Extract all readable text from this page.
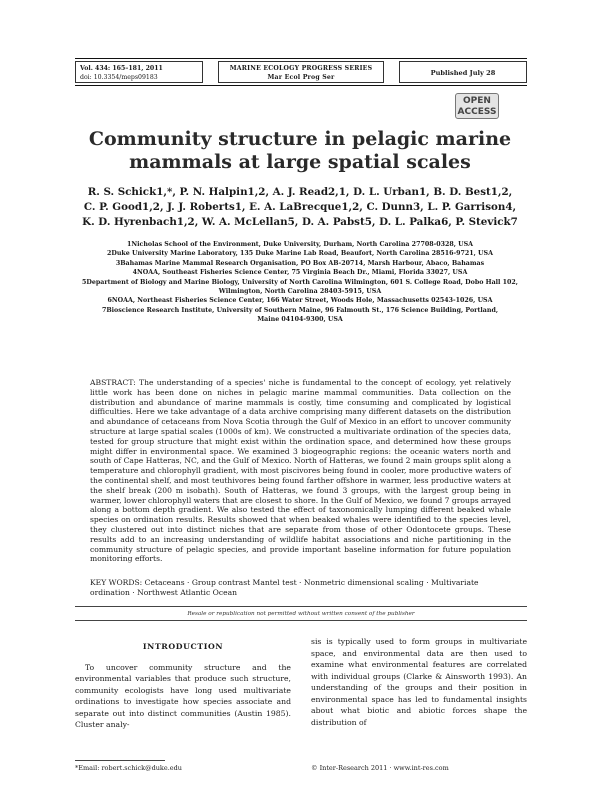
Vol. 434: 165–181, 2011
doi: 10.3354/meps09183
MARINE ECOLOGY PROGRESS SERIES
Mar Ecol Prog Ser
Published July 28
OPEN
ACCESS
Community structure in pelagic marine mammals at large spatial scales
R. S. Schick1,*, P. N. Halpin1,2, A. J. Read2,1, D. L. Urban1, B. D. Best1,2,
C. P. Good1,2, J. J. Roberts1, E. A. LaBrecque1,2, C. Dunn3, L. P. Garrison4,
K. D. Hyrenbach1,2, W. A. McLellan5, D. A. Pabst5, D. L. Palka6, P. Stevick7
1Nicholas School of the Environment, Duke University, Durham, North Carolina 27708-0328, USA
2Duke University Marine Laboratory, 135 Duke Marine Lab Road, Beaufort, North Carolina 28516-9721, USA
3Bahamas Marine Mammal Research Organisation, PO Box AB-20714, Marsh Harbour, Abaco, Bahamas
4NOAA, Southeast Fisheries Science Center, 75 Virginia Beach Dr., Miami, Florida 33027, USA
5Department of Biology and Marine Biology, University of North Carolina Wilmington, 601 S. College Road, Dobo Hall 102,
Wilmington, North Carolina 28403-5915, USA
6NOAA, Northeast Fisheries Science Center, 166 Water Street, Woods Hole, Massachusetts 02543-1026, USA
7Bioscience Research Institute, University of Southern Maine, 96 Falmouth St., 176 Science Building, Portland,
Maine 04104-9300, USA
ABSTRACT: The understanding of a species' niche is fundamental to the concept of ecology, yet relatively little work has been done on niches in pelagic marine mammal communities. Data collection on the distribution and abundance of marine mammals is costly, time consuming and complicated by logistical difficulties. Here we take advantage of a data archive comprising many different datasets on the distribution and abundance of cetaceans from Nova Scotia through the Gulf of Mexico in an effort to uncover community structure at large spatial scales (1000s of km). We constructed a multivariate ordination of the species data, tested for group structure that might exist within the ordination space, and determined how these groups might differ in environmental space. We examined 3 biogeographic regions: the oceanic waters north and south of Cape Hatteras, NC, and the Gulf of Mexico. North of Hatteras, we found 2 main groups split along a temperature and chlorophyll gradient, with most piscivores being found in cooler, more productive waters of the continental shelf, and most teuthivores being found farther offshore in warmer, less productive waters at the shelf break (200 m isobath). South of Hatteras, we found 3 groups, with the largest group being in warmer, lower chlorophyll waters that are closest to shore. In the Gulf of Mexico, we found 7 groups arrayed along a bottom depth gradient. We also tested the effect of taxonomically lumping different beaked whale species on ordination results. Results showed that when beaked whales were identified to the species level, they clustered out into distinct niches that are separate from those of other Odontocete groups. These results add to an increasing understanding of wildlife habitat associations and niche partitioning in the community structure of pelagic species, and provide important baseline information for future population monitoring efforts.
KEY WORDS: Cetaceans · Group contrast Mantel test · Nonmetric dimensional scaling · Multivariate ordination · Northwest Atlantic Ocean
Resale or republication not permitted without written consent of the publisher
INTRODUCTION

To uncover community structure and the environmental variables that produce such structure, community ecologists have long used multivariate ordinations to investigate how species associate and separate out into distinct communities (Austin 1985). Cluster analy-

sis is typically used to form groups in multivariate space, and environmental data are then used to examine what environmental features are correlated with individual groups (Clarke & Ainsworth 1993). An understanding of the groups and their position in environmental space has led to fundamental insights about what biotic and abiotic forces shape the distribution of

*Email: robert.schick@duke.edu	© Inter-Research 2011 · www.int-res.com
